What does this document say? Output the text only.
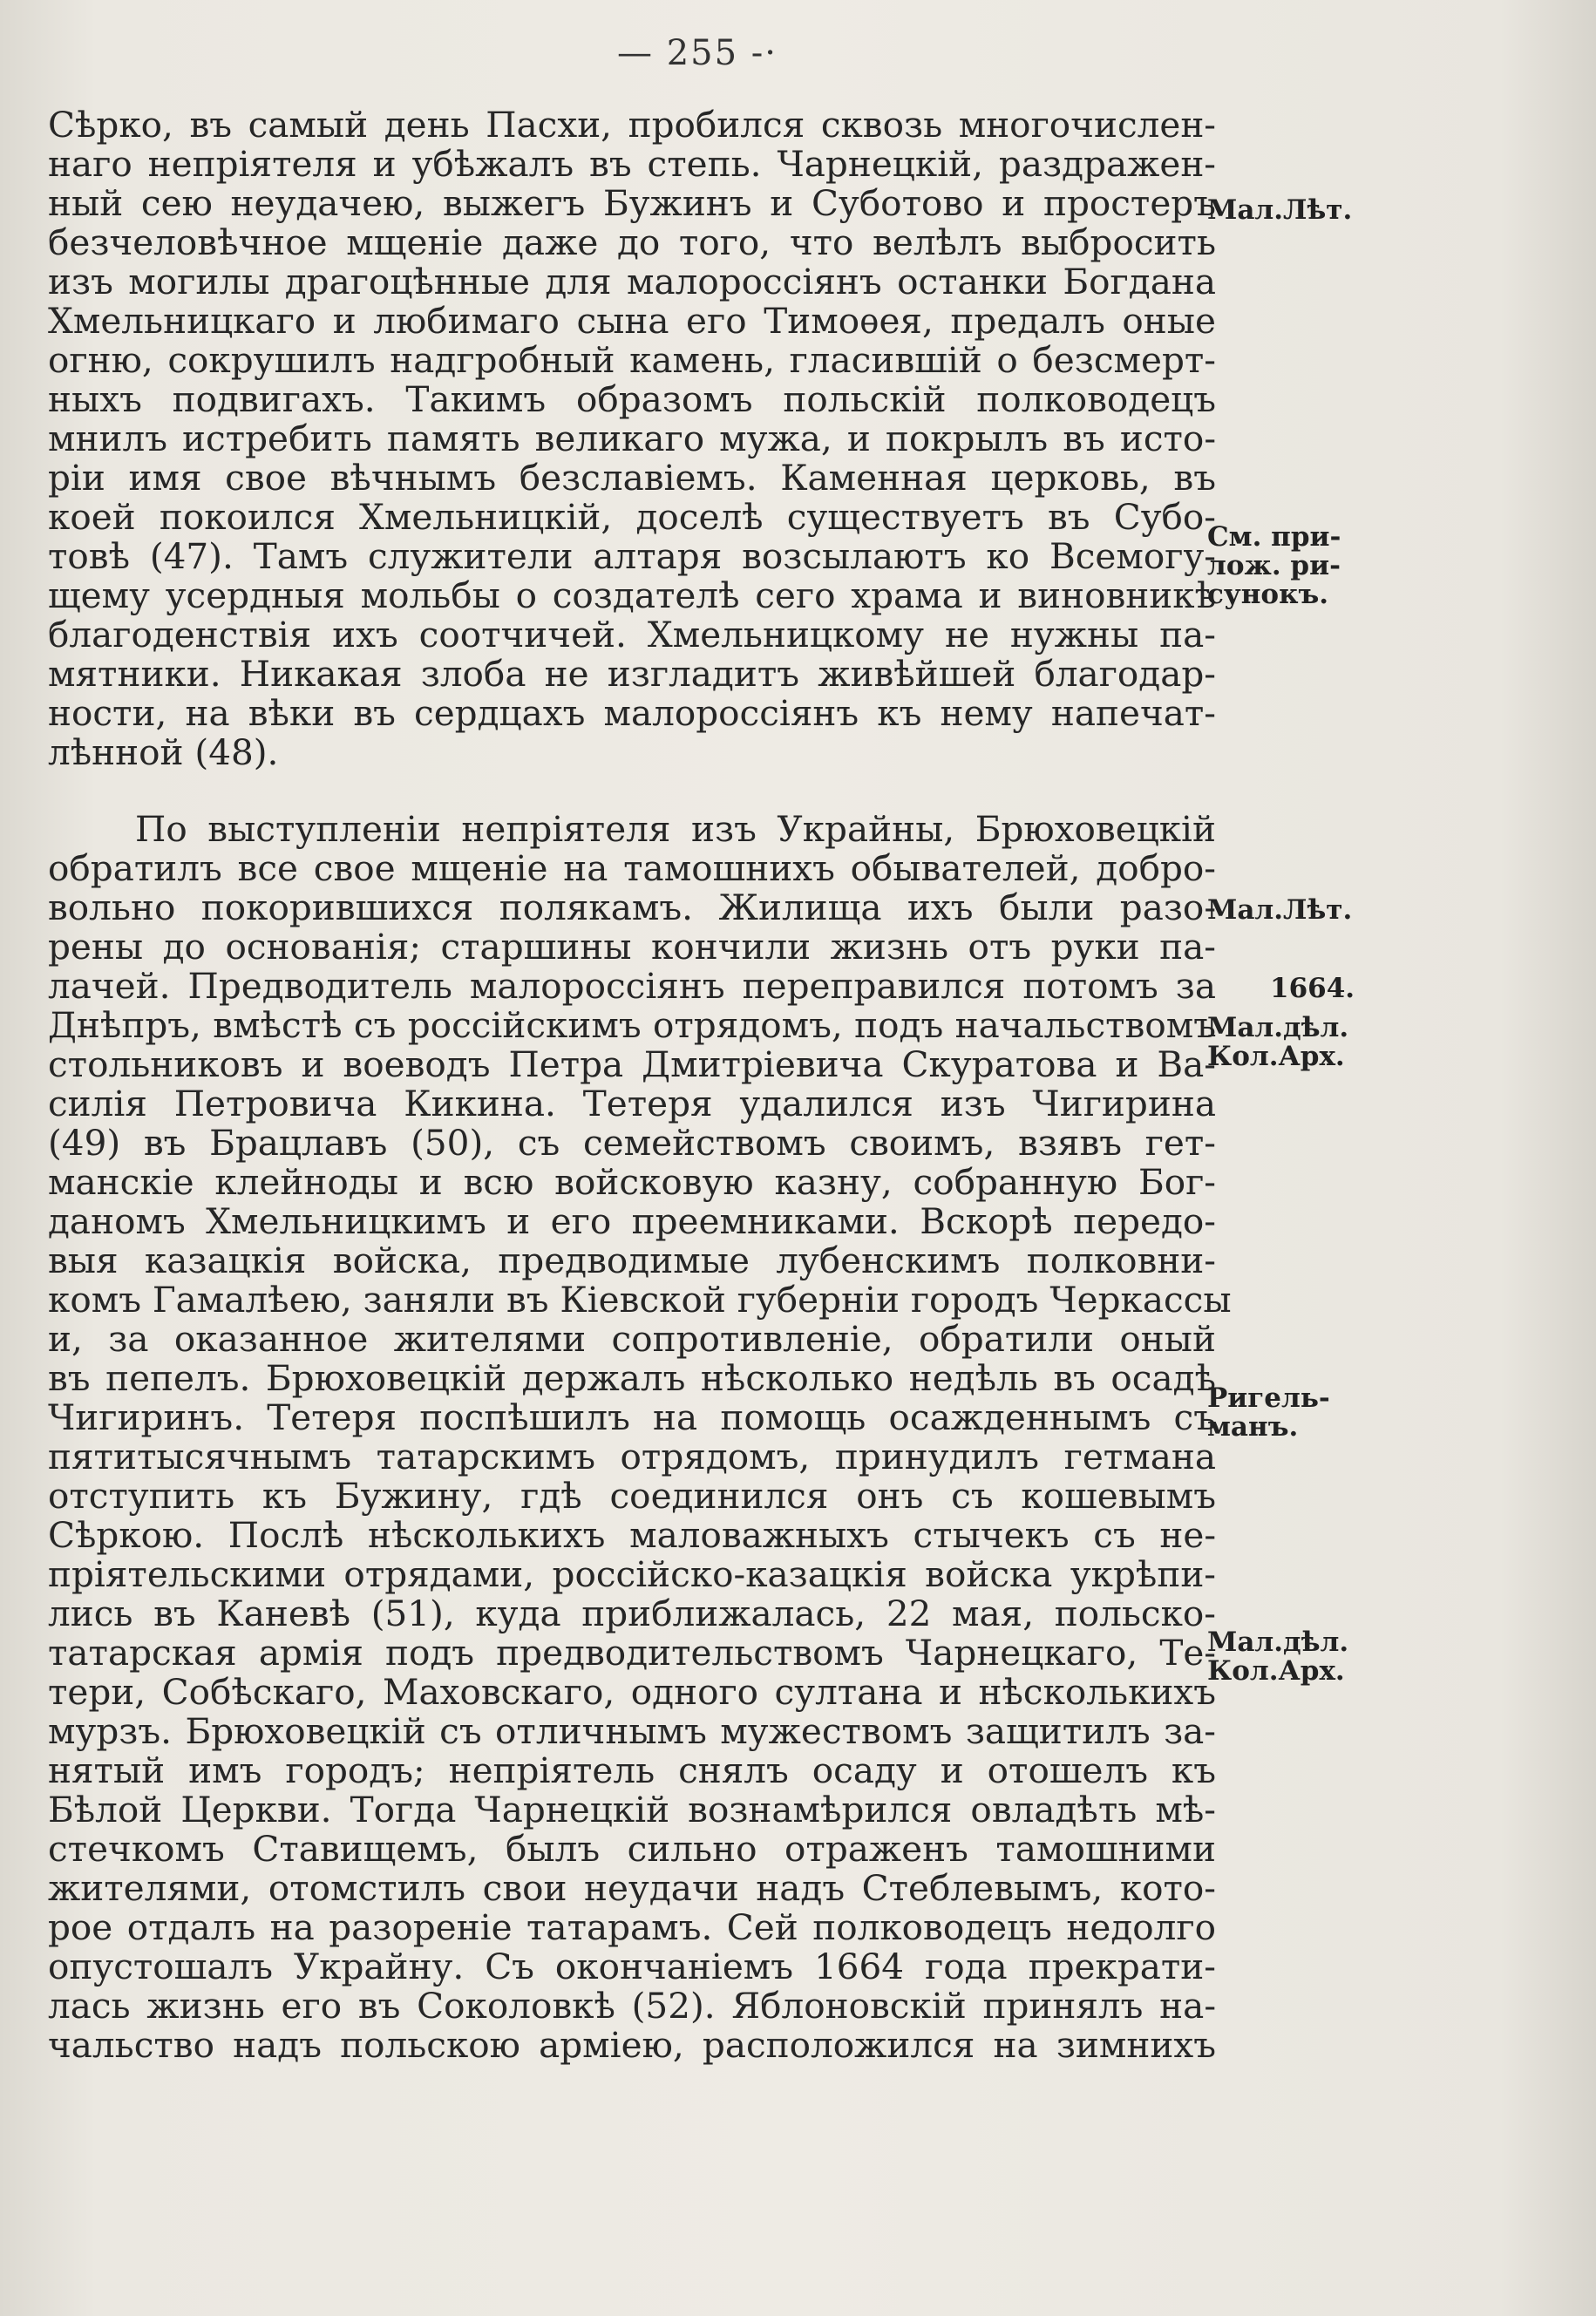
— 255 -·
Сѣрко, въ самый день Пасхи, пробился сквозь многочислен-
наго непріятеля и убѣжалъ въ степь. Чарнецкій, раздражен-
ный сею неудачею, выжегъ Бужинъ и Суботово и простеръ
безчеловѣчное мщеніе даже до того, что велѣлъ выбросить
изъ могилы драгоцѣнные для малороссіянъ останки Богдана
Хмельницкаго и любимаго сына его Тимоѳея, предалъ оные
огню, сокрушилъ надгробный камень, гласившій о безсмерт-
ныхъ подвигахъ. Такимъ образомъ польскій полководецъ
мнилъ истребить память великаго мужа, и покрылъ въ исто-
ріи имя свое вѣчнымъ безславіемъ. Каменная церковь, въ
коей покоился Хмельницкій, доселѣ существуетъ въ Субо-
товѣ (47). Тамъ служители алтаря возсылаютъ ко Всемогу-
щему усердныя мольбы о создателѣ сего храма и виновникѣ
благоденствія ихъ соотчичей. Хмельницкому не нужны па-
мятники. Никакая злоба не изгладитъ живѣйшей благодар-
ности, на вѣки въ сердцахъ малороссіянъ къ нему напечат-
лѣнной (48).
По выступленіи непріятеля изъ Украйны, Брюховецкій
обратилъ все свое мщеніе на тамошнихъ обывателей, добро-
вольно покорившихся полякамъ. Жилища ихъ были разо-
рены до основанія; старшины кончили жизнь отъ руки па-
лачей. Предводитель малороссіянъ переправился потомъ за
Днѣпръ, вмѣстѣ съ россійскимъ отрядомъ, подъ начальствомъ
стольниковъ и воеводъ Петра Дмитріевича Скуратова и Ва-
силія Петровича Кикина. Тетеря удалился изъ Чигирина
(49) въ Брацлавъ (50), съ семействомъ своимъ, взявъ гет-
манскіе клейноды и всю войсковую казну, собранную Бог-
даномъ Хмельницкимъ и его преемниками. Вскорѣ передо-
выя казацкія войска, предводимые лубенскимъ полковни-
комъ Гамалѣею, заняли въ Кіевской губерніи городъ Черкассы
и, за оказанное жителями сопротивленіе, обратили оный
въ пепелъ. Брюховецкій держалъ нѣсколько недѣль въ осадѣ
Чигиринъ. Тетеря поспѣшилъ на помощь осажденнымъ съ
пятитысячнымъ татарскимъ отрядомъ, принудилъ гетмана
отступить къ Бужину, гдѣ соединился онъ съ кошевымъ
Сѣркою. Послѣ нѣсколькихъ маловажныхъ стычекъ съ не-
пріятельскими отрядами, россійско-казацкія войска укрѣпи-
лись въ Каневѣ (51), куда приближалась, 22 мая, польско-
татарская армія подъ предводительствомъ Чарнецкаго, Те-
тери, Собѣскаго, Маховскаго, одного султана и нѣсколькихъ
мурзъ. Брюховецкій съ отличнымъ мужествомъ защитилъ за-
нятый имъ городъ; непріятель снялъ осаду и отошелъ къ
Бѣлой Церкви. Тогда Чарнецкій вознамѣрился овладѣть мѣ-
стечкомъ Ставищемъ, былъ сильно отраженъ тамошними
жителями, отомстилъ свои неудачи надъ Стеблевымъ, кото-
рое отдалъ на разореніе татарамъ. Сей полководецъ недолго
опустошалъ Украйну. Съ окончаніемъ 1664 года прекрати-
лась жизнь его въ Соколовкѣ (52). Яблоновскій принялъ на-
чальство надъ польскою арміею, расположился на зимнихъ
Мал.Лѣт.
См. при-
лож. ри-
сунокъ.
Мал.Лѣт.
1664.
Мал.дѣл.
Кол.Арх.
Ригель-
манъ.
Мал.дѣл.
Кол.Арх.
